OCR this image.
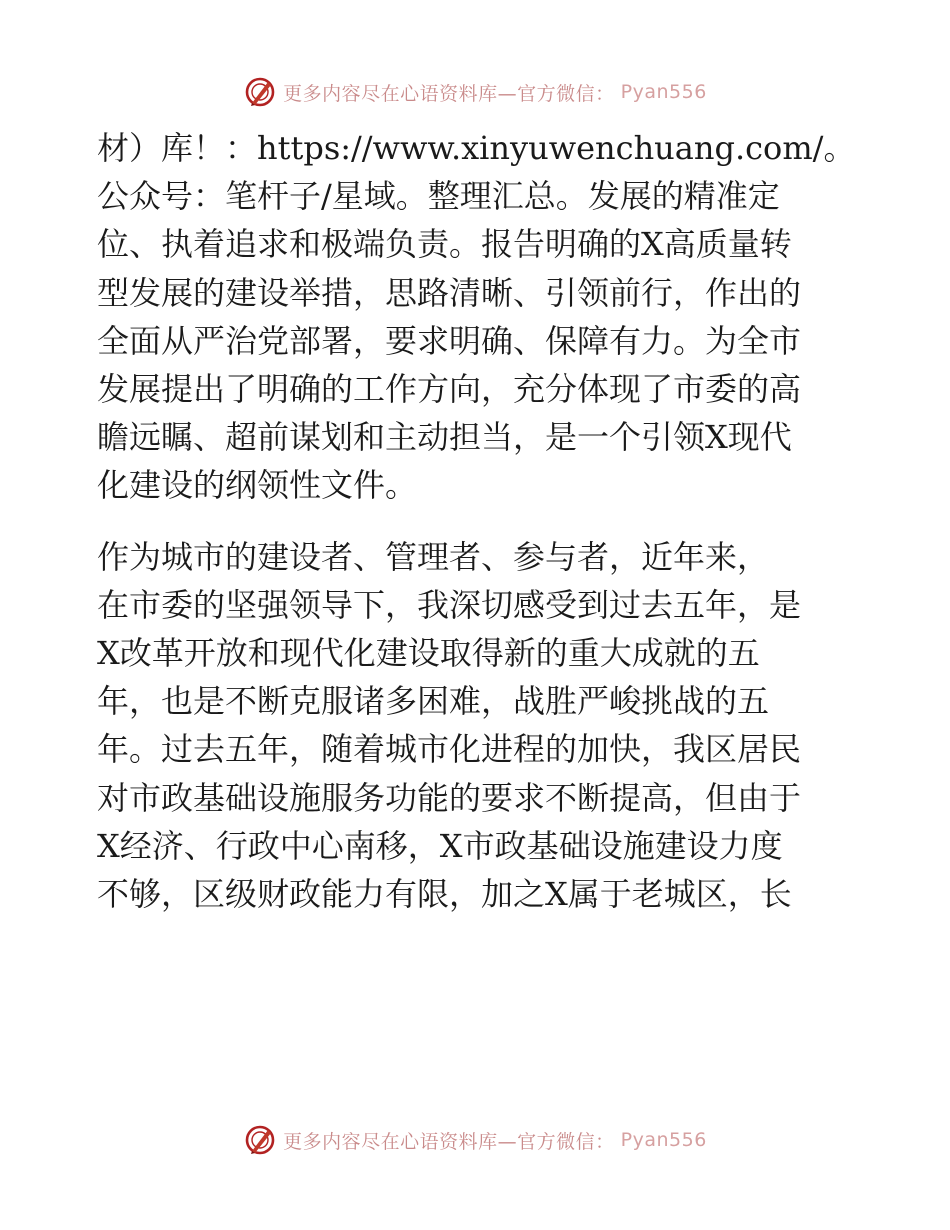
更多内容尽在心语资料库—官方微信： Pyan556

材）库！：https://www.xinyuwenchuang.com/。
公众号：笔杆子/星域。整理汇总。发展的精准定
位、执着追求和极端负责。报告明确的X高质量转
型发展的建设举措，思路清晰、引领前行，作出的
全面从严治党部署，要求明确、保障有力。为全市
发展提出了明确的工作方向，充分体现了市委的高
瞻远瞩、超前谋划和主动担当，是一个引领X现代
化建设的纲领性文件。

作为城市的建设者、管理者、参与者，近年来，
在市委的坚强领导下，我深切感受到过去五年，是
X改革开放和现代化建设取得新的重大成就的五
年，也是不断克服诸多困难，战胜严峻挑战的五
年。过去五年，随着城市化进程的加快，我区居民
对市政基础设施服务功能的要求不断提高，但由于
X经济、行政中心南移，X市政基础设施建设力度
不够，区级财政能力有限，加之X属于老城区，长

更多内容尽在心语资料库—官方微信： Pyan556
